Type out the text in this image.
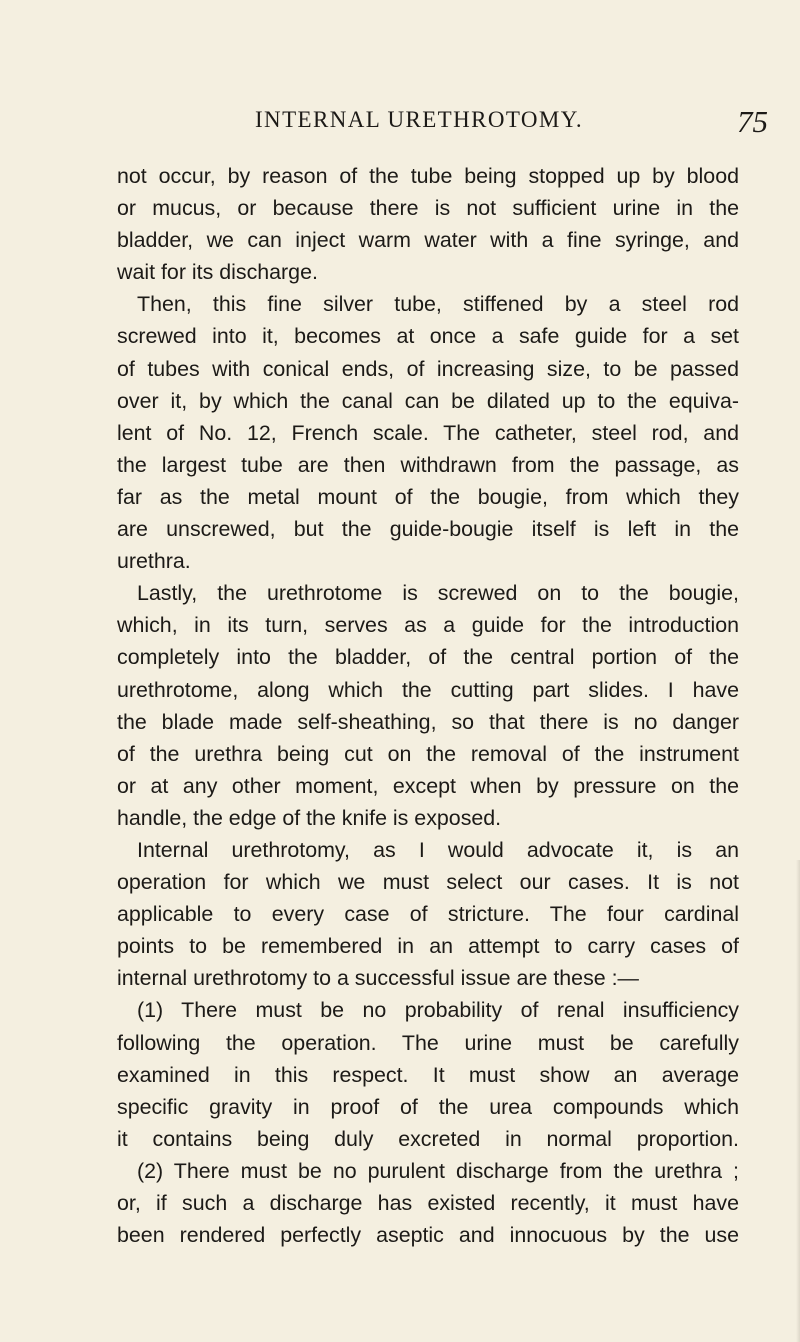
INTERNAL URETHROTOMY.	75
not occur, by reason of the tube being stopped up by blood
or mucus, or because there is not sufficient urine in the
bladder, we can inject warm water with a fine syringe, and
wait for its discharge.
Then, this fine silver tube, stiffened by a steel rod
screwed into it, becomes at once a safe guide for a set
of tubes with conical ends, of increasing size, to be passed
over it, by which the canal can be dilated up to the equiva-
lent of No. 12, French scale. The catheter, steel rod, and
the largest tube are then withdrawn from the passage, as
far as the metal mount of the bougie, from which they
are unscrewed, but the guide-bougie itself is left in the
urethra.
Lastly, the urethrotome is screwed on to the bougie,
which, in its turn, serves as a guide for the introduction
completely into the bladder, of the central portion of the
urethrotome, along which the cutting part slides. I have
the blade made self-sheathing, so that there is no danger
of the urethra being cut on the removal of the instrument
or at any other moment, except when by pressure on the
handle, the edge of the knife is exposed.
Internal urethrotomy, as I would advocate it, is an
operation for which we must select our cases. It is not
applicable to every case of stricture. The four cardinal
points to be remembered in an attempt to carry cases of
internal urethrotomy to a successful issue are these :—
(1) There must be no probability of renal insufficiency
following the operation. The urine must be carefully
examined in this respect. It must show an average
specific gravity in proof of the urea compounds which
it contains being duly excreted in normal proportion.
(2) There must be no purulent discharge from the urethra ;
or, if such a discharge has existed recently, it must have
been rendered perfectly aseptic and innocuous by the use
